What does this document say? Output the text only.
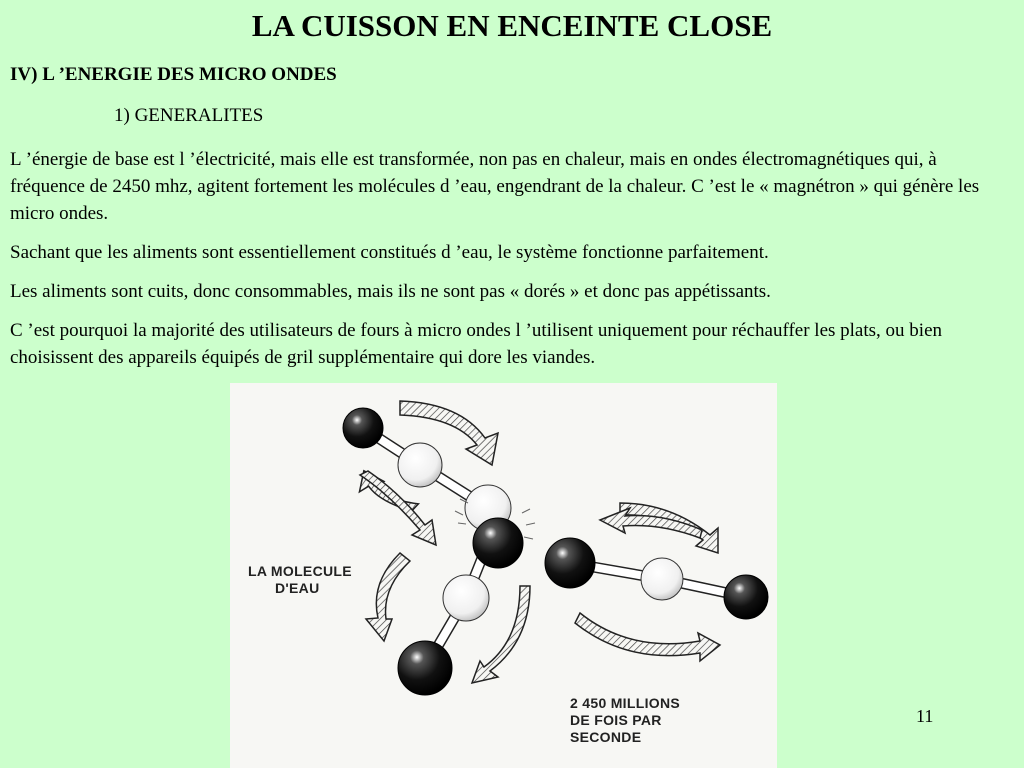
LA CUISSON EN ENCEINTE CLOSE
IV) L ’ENERGIE DES MICRO ONDES
1) GENERALITES

L ’énergie de base est l ’électricité, mais elle est transformée, non pas en chaleur, mais en ondes électromagnétiques qui, à fréquence de 2450 mhz, agitent fortement les molécules d ’eau, engendrant de la chaleur. C ’est le « magnétron » qui génère les micro ondes.

Sachant que les aliments sont essentiellement constitués d ’eau, le système fonctionne parfaitement.

Les aliments sont cuits, donc consommables, mais ils ne sont pas « dorés » et donc pas appétissants.

C ’est pourquoi la majorité des utilisateurs de fours à micro ondes l ’utilisent uniquement pour réchauffer les plats, ou bien choisissent des appareils équipés de gril supplémentaire qui dore les viandes.

LA MOLECULE
D'EAU
2 450 MILLIONS
DE FOIS PAR
SECONDE
11
